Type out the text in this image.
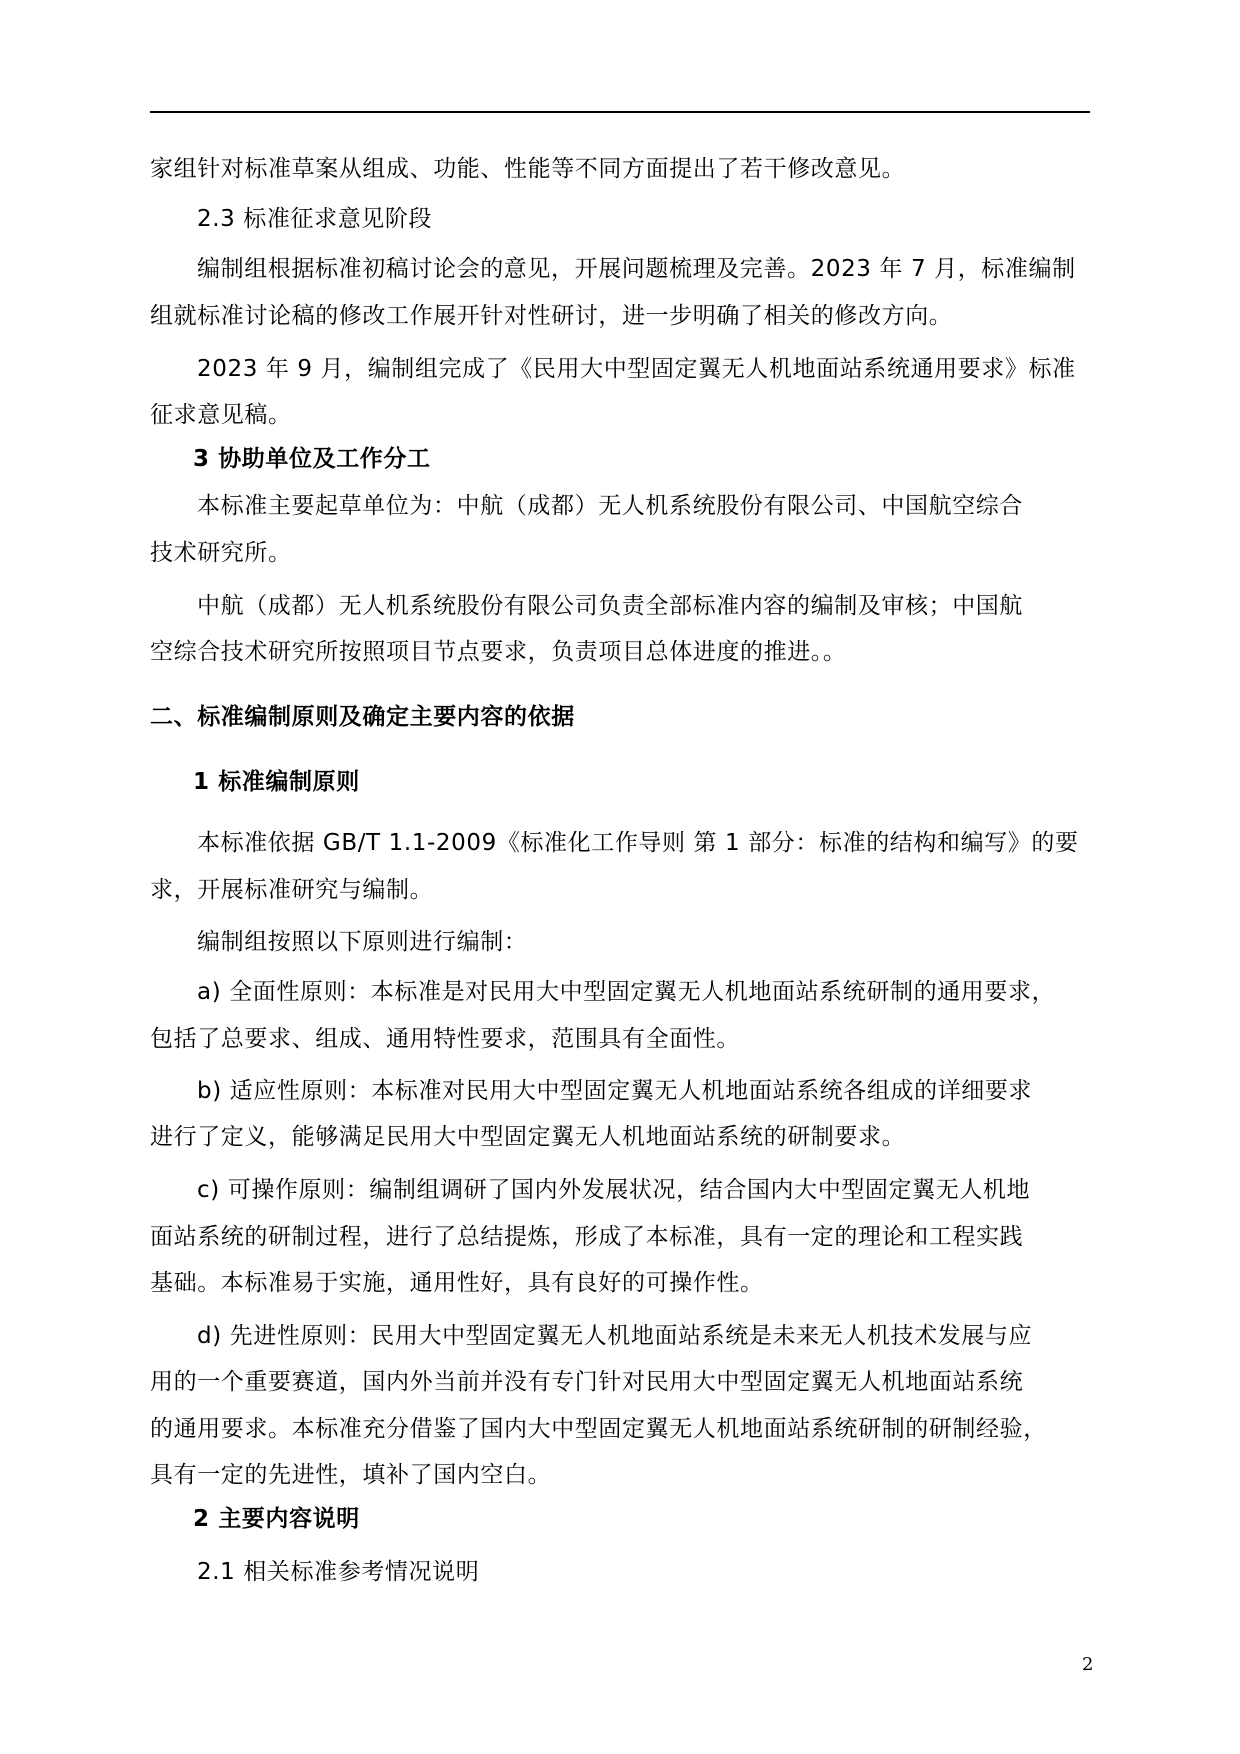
家组针对标准草案从组成、功能、性能等不同方面提出了若干修改意见。
2.3 标准征求意见阶段
编制组根据标准初稿讨论会的意见，开展问题梳理及完善。2023 年 7 月，标准编制
组就标准讨论稿的修改工作展开针对性研讨，进一步明确了相关的修改方向。
2023 年 9 月，编制组完成了《民用大中型固定翼无人机地面站系统通用要求》标准
征求意见稿。
3 协助单位及工作分工
本标准主要起草单位为：中航（成都）无人机系统股份有限公司、中国航空综合
技术研究所。
中航（成都）无人机系统股份有限公司负责全部标准内容的编制及审核；中国航
空综合技术研究所按照项目节点要求，负责项目总体进度的推进。。
二、标准编制原则及确定主要内容的依据
1 标准编制原则
本标准依据 GB/T 1.1-2009《标准化工作导则 第 1 部分：标准的结构和编写》的要
求，开展标准研究与编制。
编制组按照以下原则进行编制：
a) 全面性原则：本标准是对民用大中型固定翼无人机地面站系统研制的通用要求，
包括了总要求、组成、通用特性要求，范围具有全面性。
b) 适应性原则：本标准对民用大中型固定翼无人机地面站系统各组成的详细要求
进行了定义，能够满足民用大中型固定翼无人机地面站系统的研制要求。
c) 可操作原则：编制组调研了国内外发展状况，结合国内大中型固定翼无人机地
面站系统的研制过程，进行了总结提炼，形成了本标准，具有一定的理论和工程实践
基础。本标准易于实施，通用性好，具有良好的可操作性。
d) 先进性原则：民用大中型固定翼无人机地面站系统是未来无人机技术发展与应
用的一个重要赛道，国内外当前并没有专门针对民用大中型固定翼无人机地面站系统
的通用要求。本标准充分借鉴了国内大中型固定翼无人机地面站系统研制的研制经验，
具有一定的先进性，填补了国内空白。
2 主要内容说明
2.1 相关标准参考情况说明
2
